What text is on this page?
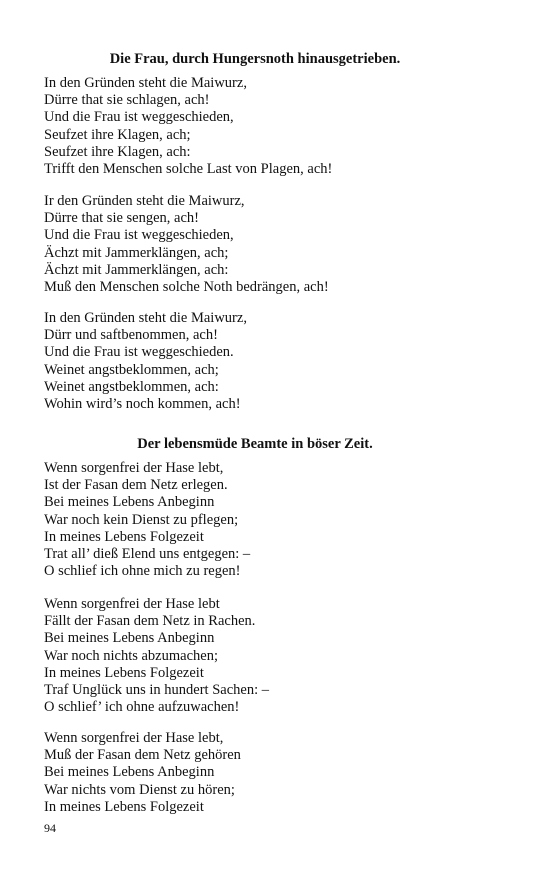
Die Frau, durch Hungersnoth hinausgetrieben.
In den Gründen steht die Maiwurz,
Dürre that sie schlagen, ach!
Und die Frau ist weggeschieden,
Seufzet ihre Klagen, ach;
Seufzet ihre Klagen, ach:
Trifft den Menschen solche Last von Plagen, ach!
Ir den Gründen steht die Maiwurz,
Dürre that sie sengen, ach!
Und die Frau ist weggeschieden,
Ächzt mit Jammerklängen, ach;
Ächzt mit Jammerklängen, ach:
Muß den Menschen solche Noth bedrängen, ach!
In den Gründen steht die Maiwurz,
Dürr und saftbenommen, ach!
Und die Frau ist weggeschieden.
Weinet angstbeklommen, ach;
Weinet angstbeklommen, ach:
Wohin wird’s noch kommen, ach!
Der lebensmüde Beamte in böser Zeit.
Wenn sorgenfrei der Hase lebt,
Ist der Fasan dem Netz erlegen.
Bei meines Lebens Anbeginn
War noch kein Dienst zu pflegen;
In meines Lebens Folgezeit
Trat all’ dieß Elend uns entgegen: –
O schlief ich ohne mich zu regen!
Wenn sorgenfrei der Hase lebt
Fällt der Fasan dem Netz in Rachen.
Bei meines Lebens Anbeginn
War noch nichts abzumachen;
In meines Lebens Folgezeit
Traf Unglück uns in hundert Sachen: –
O schlief’ ich ohne aufzuwachen!
Wenn sorgenfrei der Hase lebt,
Muß der Fasan dem Netz gehören
Bei meines Lebens Anbeginn
War nichts vom Dienst zu hören;
In meines Lebens Folgezeit
94
